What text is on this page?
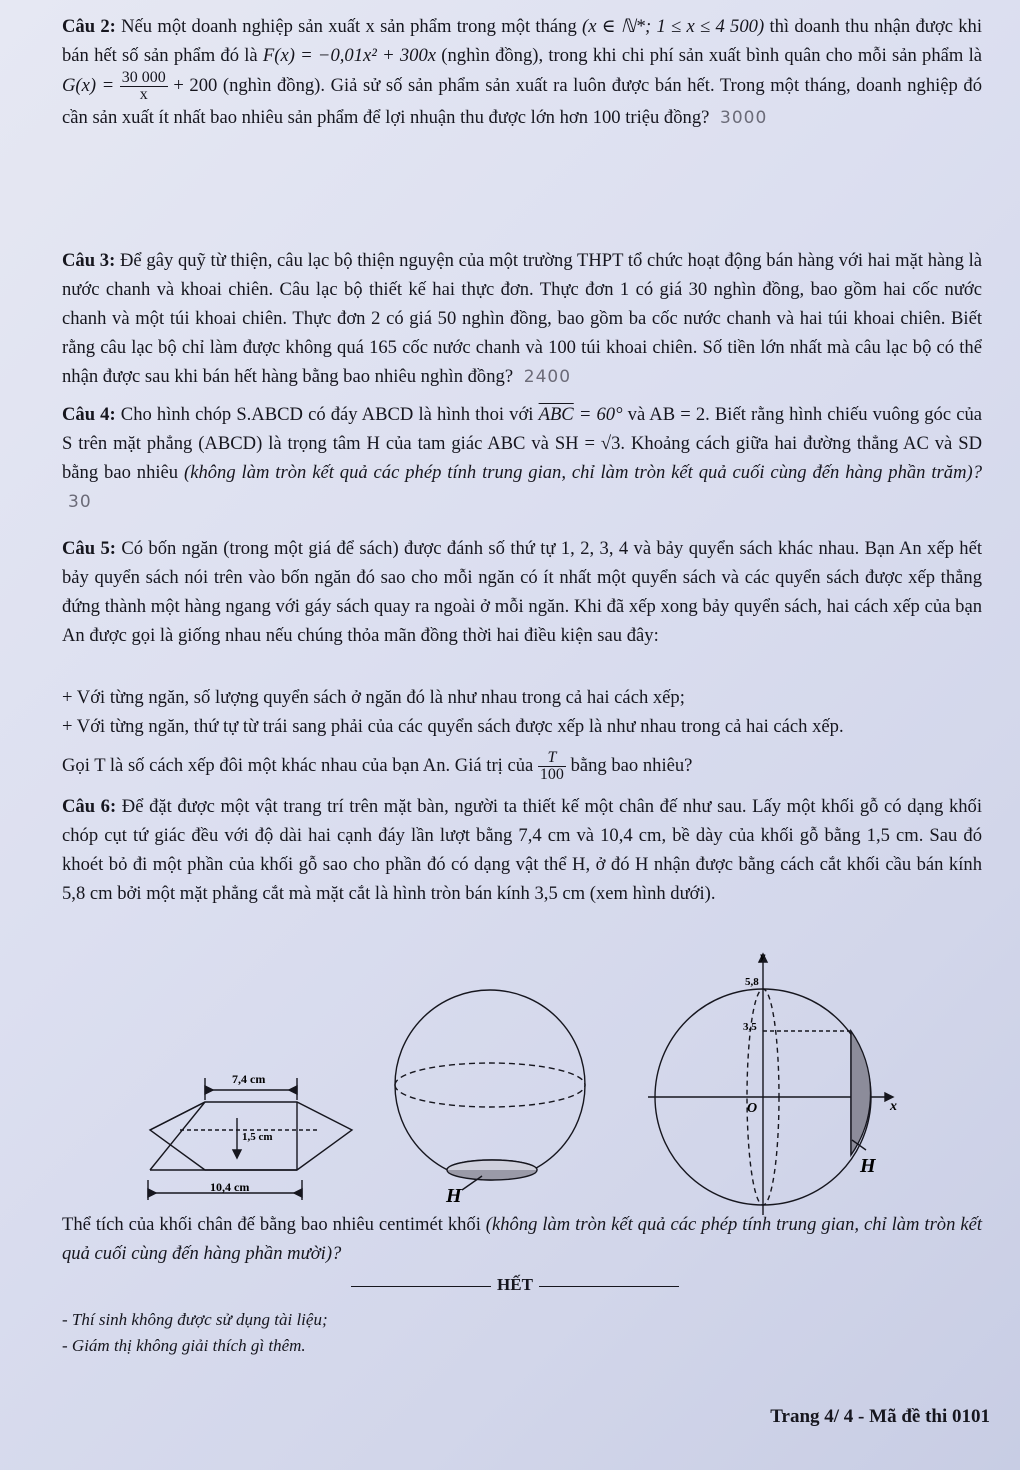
Câu 2: Nếu một doanh nghiệp sản xuất x sản phẩm trong một tháng (x ∈ ℕ*; 1 ≤ x ≤ 4 500) thì doanh thu nhận được khi bán hết số sản phẩm đó là F(x) = −0,01x² + 300x (nghìn đồng), trong khi chi phí sản xuất bình quân cho mỗi sản phẩm là $G(x) = \frac{30 000}{x} + 200$ (nghìn đồng). Giả sử số sản phẩm sản xuất ra luôn được bán hết. Trong một tháng, doanh nghiệp đó cần sản xuất ít nhất bao nhiêu sản phẩm để lợi nhuận thu được lớn hơn 100 triệu đồng? 3000

Câu 3: Để gây quỹ từ thiện, câu lạc bộ thiện nguyện của một trường THPT tổ chức hoạt động bán hàng với hai mặt hàng là nước chanh và khoai chiên. Câu lạc bộ thiết kế hai thực đơn. Thực đơn 1 có giá 30 nghìn đồng, bao gồm hai cốc nước chanh và một túi khoai chiên. Thực đơn 2 có giá 50 nghìn đồng, bao gồm ba cốc nước chanh và hai túi khoai chiên. Biết rằng câu lạc bộ chỉ làm được không quá 165 cốc nước chanh và 100 túi khoai chiên. Số tiền lớn nhất mà câu lạc bộ có thể nhận được sau khi bán hết hàng bằng bao nhiêu nghìn đồng? 2400

Câu 4: Cho hình chóp S.ABCD có đáy ABCD là hình thoi với $\overline{ABC} = 60^\circ$ và AB = 2. Biết rằng hình chiếu vuông góc của S trên mặt phẳng (ABCD) là trọng tâm H của tam giác ABC và SH = √3. Khoảng cách giữa hai đường thẳng AC và SD bằng bao nhiêu (không làm tròn kết quả các phép tính trung gian, chỉ làm tròn kết quả cuối cùng đến hàng phần trăm)? 30

Câu 5: Có bốn ngăn (trong một giá để sách) được đánh số thứ tự 1, 2, 3, 4 và bảy quyển sách khác nhau. Bạn An xếp hết bảy quyển sách nói trên vào bốn ngăn đó sao cho mỗi ngăn có ít nhất một quyển sách và các quyển sách được xếp thẳng đứng thành một hàng ngang với gáy sách quay ra ngoài ở mỗi ngăn. Khi đã xếp xong bảy quyển sách, hai cách xếp của bạn An được gọi là giống nhau nếu chúng thỏa mãn đồng thời hai điều kiện sau đây:

+ Với từng ngăn, số lượng quyển sách ở ngăn đó là như nhau trong cả hai cách xếp;

+ Với từng ngăn, thứ tự từ trái sang phải của các quyển sách được xếp là như nhau trong cả hai cách xếp.

Gọi T là số cách xếp đôi một khác nhau của bạn An. Giá trị của $\frac{T}{100}$ bằng bao nhiêu?

Câu 6: Để đặt được một vật trang trí trên mặt bàn, người ta thiết kế một chân đế như sau. Lấy một khối gỗ có dạng khối chóp cụt tứ giác đều với độ dài hai cạnh đáy lần lượt bằng 7,4 cm và 10,4 cm, bề dày của khối gỗ bằng 1,5 cm. Sau đó khoét bỏ đi một phần của khối gỗ sao cho phần đó có dạng vật thể H, ở đó H nhận được bằng cách cắt khối cầu bán kính 5,8 cm bởi một mặt phẳng cắt mà mặt cắt là hình tròn bán kính 3,5 cm (xem hình dưới).

7,4 cm
1,5 cm
10,4 cm	H
y
x
O
5,8
3,5
H

Thể tích của khối chân đế bằng bao nhiêu centimét khối (không làm tròn kết quả các phép tính trung gian, chỉ làm tròn kết quả cuối cùng đến hàng phần mười)?

HẾT
- Thí sinh không được sử dụng tài liệu;
- Giám thị không giải thích gì thêm.
Trang 4/ 4 - Mã đề thi 0101
